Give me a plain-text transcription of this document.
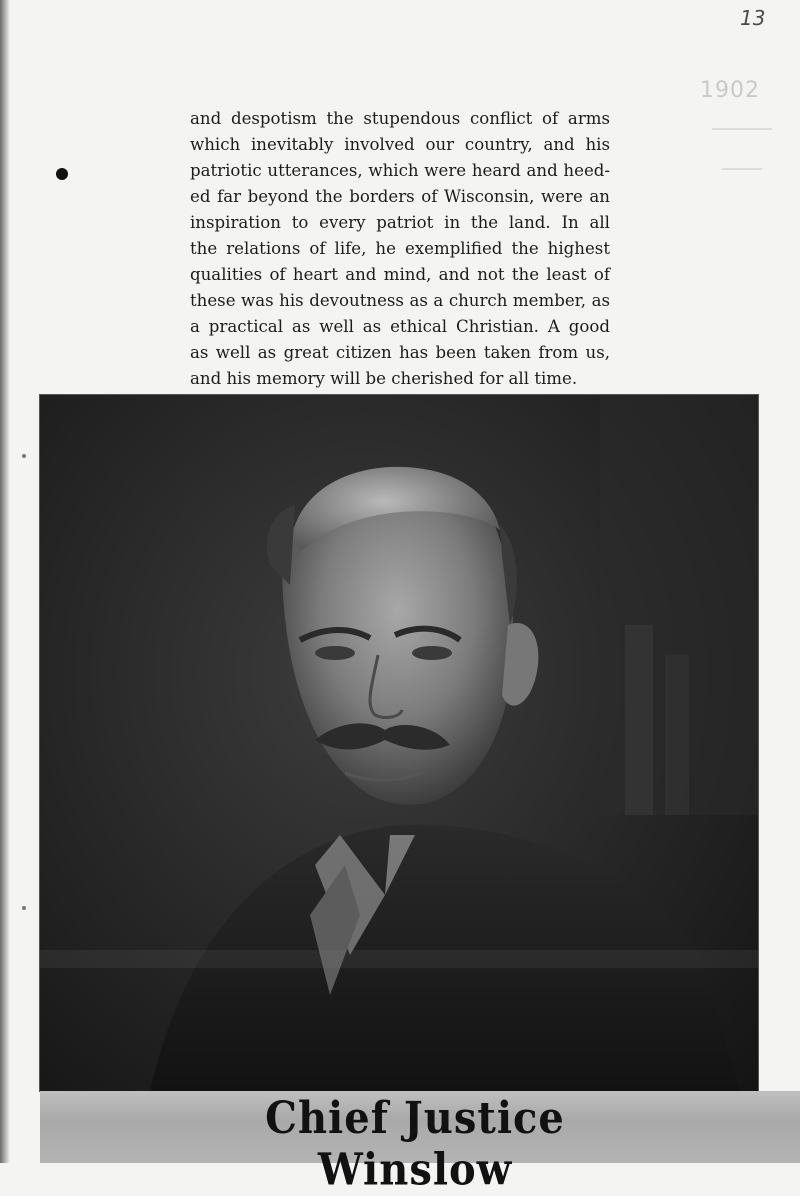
13
1902
and despotism the stupendous conflict of arms
which inevitably involved our country, and his
patriotic utterances, which were heard and heed-
ed far beyond the borders of Wisconsin, were an
inspiration to every patriot in the land. In all
the relations of life, he exemplified the highest
qualities of heart and mind, and not the least of
these was his devoutness as a church member, as
a practical as well as ethical Christian. A good
as well as great citizen has been taken from us,
and his memory will be cherished for all time.
Chief Justice Winslow
